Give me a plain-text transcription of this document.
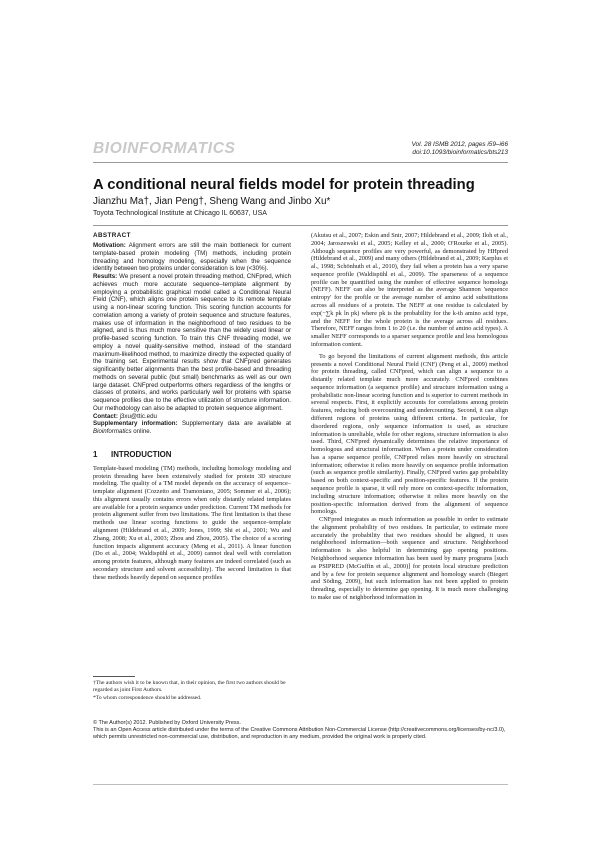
BIOINFORMATICS	Vol. 28 ISMB 2012, pages i59–i66
doi:10.1093/bioinformatics/bts213
A conditional neural fields model for protein threading
Jianzhu Ma†, Jian Peng†, Sheng Wang and Jinbo Xu*
Toyota Technological Institute at Chicago IL 60637, USA
ABSTRACT

Motivation: Alignment errors are still the main bottleneck for current template-based protein modeling (TM) methods, including protein threading and homology modeling, especially when the sequence identity between two proteins under consideration is low (<30%).

Results: We present a novel protein threading method, CNFpred, which achieves much more accurate sequence–template alignment by employing a probabilistic graphical model called a Conditional Neural Field (CNF), which aligns one protein sequence to its remote template using a non-linear scoring function. This scoring function accounts for correlation among a variety of protein sequence and structure features, makes use of information in the neighborhood of two residues to be aligned, and is thus much more sensitive than the widely used linear or profile-based scoring function. To train this CNF threading model, we employ a novel quality-sensitive method, instead of the standard maximum-likelihood method, to maximize directly the expected quality of the training set. Experimental results show that CNFpred generates significantly better alignments than the best profile-based and threading methods on several public (but small) benchmarks as well as our own large dataset. CNFpred outperforms others regardless of the lengths or classes of proteins, and works particularly well for proteins with sparse sequence profiles due to the effective utilization of structure information. Our methodology can also be adapted to protein sequence alignment.

Contact: j3xu@ttic.edu

Supplementary information: Supplementary data are available at Bioinformatics online.

1 INTRODUCTION

Template-based modeling (TM) methods, including homology modeling and protein threading have been extensively studied for protein 3D structure modeling. The quality of a TM model depends on the accuracy of sequence–template alignment (Cozzetto and Tramontano, 2005; Sommer et al., 2006); this alignment usually contains errors when only distantly related templates are available for a protein sequence under prediction. Current TM methods for protein alignment suffer from two limitations. The first limitation is that these methods use linear scoring functions to guide the sequence–template alignment (Hildebrand et al., 2009; Jones, 1999; Shi et al., 2001; Wu and Zhang, 2008; Xu et al., 2003; Zhou and Zhou, 2005). The choice of a scoring function impacts alignment accuracy (Meng et al., 2011). A linear function (Do et al., 2004; Waldispühl et al., 2009) cannot deal well with correlation among protein features, although many features are indeed correlated (such as secondary structure and solvent accessibility). The second limitation is that these methods heavily depend on sequence profiles

(Akutsu et al., 2007; Eskin and Snir, 2007; Hildebrand et al., 2009; Iloh et al., 2004; Jaroszewski et al., 2005; Kelley et al., 2000; O'Rourke et al., 2005). Although sequence profiles are very powerful, as demonstrated by HHpred (Hildebrand et al., 2009) and many others (Hildebrand et al., 2009; Karplus et al., 1998; Schönhuth et al., 2010), they fail when a protein has a very sparse sequence profile (Waldispühl et al., 2009). The sparseness of a sequence profile can be quantified using the number of effective sequence homologs (NEFF). NEFF can also be interpreted as the average Shannon 'sequence entropy' for the profile or the average number of amino acid substitutions across all residues of a protein. The NEFF at one residue is calculated by exp(−∑k pk ln pk) where pk is the probability for the k-th amino acid type, and the NEFF for the whole protein is the average across all residues. Therefore, NEFF ranges from 1 to 20 (i.e. the number of amino acid types). A smaller NEFF corresponds to a sparser sequence profile and less homologous information content.

To go beyond the limitations of current alignment methods, this article presents a novel Conditional Neural Field (CNF) (Peng et al., 2009) method for protein threading, called CNFpred, which can align a sequence to a distantly related template much more accurately. CNFpred combines sequence information (a sequence profile) and structure information using a probabilistic non-linear scoring function and is superior to current methods in several respects. First, it explicitly accounts for correlations among protein features, reducing both overcounting and undercounting. Second, it can align different regions of proteins using different criteria. In particular, for disordered regions, only sequence information is used, as structure information is unreliable, while for other regions, structure information is also used. Third, CNFpred dynamically determines the relative importance of homologous and structural information. When a protein under consideration has a sparse sequence profile, CNFpred relies more heavily on structural information; otherwise it relies more heavily on sequence profile information (such as sequence profile similarity). Finally, CNFpred varies gap probability based on both context-specific and position-specific features. If the protein sequence profile is sparse, it will rely more on context-specific information, including structure information; otherwise it relies more heavily on the position-specific information derived from the alignment of sequence homologs.

CNFpred integrates as much information as possible in order to estimate the alignment probability of two residues. In particular, to estimate more accurately the probability that two residues should be aligned, it uses neighborhood information—both sequence and structure. Neighborhood information is also helpful in determining gap opening positions. Neighborhood sequence information has been used by many programs [such as PSIPRED (McGuffin et al., 2000)] for protein local structure prediction and by a few for protein sequence alignment and homology search (Biegert and Söding, 2009), but such information has not been applied to protein threading, especially to determine gap opening. It is much more challenging to make use of neighborhood information in

†The authors wish it to be known that, in their opinion, the first two authors should be regarded as joint First Authors.

*To whom correspondence should be addressed.

© The Author(s) 2012. Published by Oxford University Press.

This is an Open Access article distributed under the terms of the Creative Commons Attribution Non-Commercial License (http://creativecommons.org/licenses/by-nc/3.0), which permits unrestricted non-commercial use, distribution, and reproduction in any medium, provided the original work is properly cited.
